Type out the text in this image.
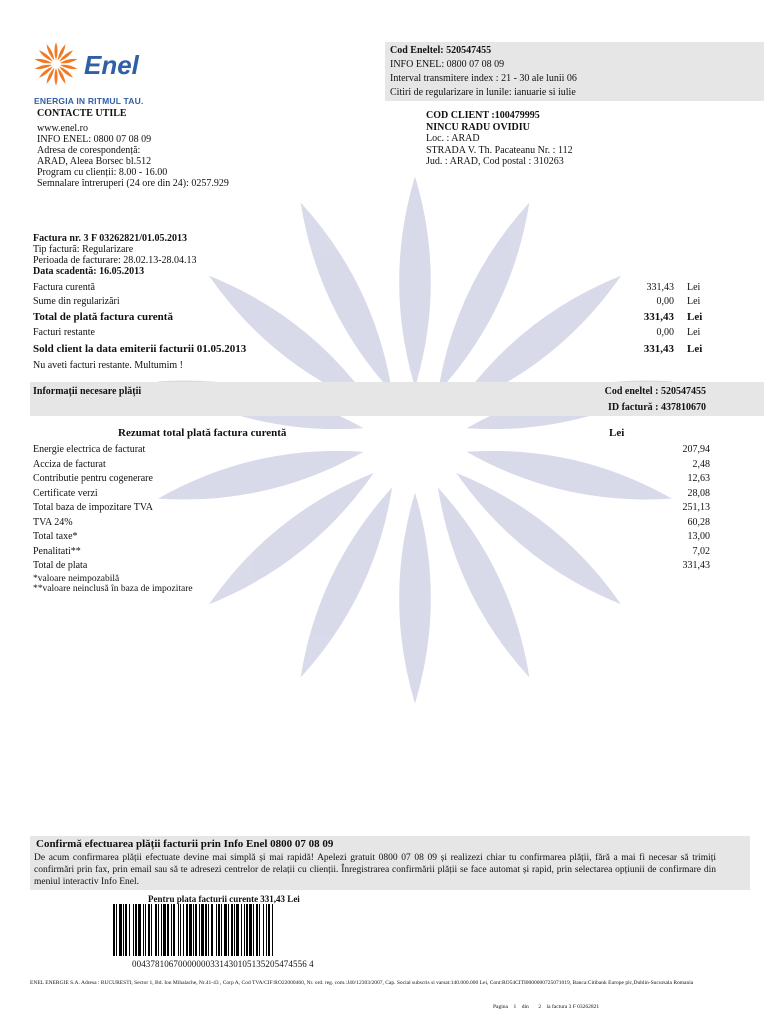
Enel
ENERGIA IN RITMUL TAU.
CONTACTE UTILE
www.enel.ro
INFO ENEL: 0800 07 08 09
Adresa de corespondență:
ARAD, Aleea Borsec bl.512
Program cu clienții: 8.00 - 16.00
Semnalare întreruperi (24 ore din 24): 0257.929
Cod Eneltel: 520547455
INFO ENEL: 0800 07 08 09
Interval transmitere index : 21 - 30 ale lunii 06
Citiri de regularizare in lunile: ianuarie si iulie
COD CLIENT :100479995
NINCU RADU OVIDIU
Loc. : ARAD
STRADA V. Th. Pacateanu Nr. : 112
Jud. : ARAD, Cod postal : 310263
Factura nr. 3 F 03262821/01.05.2013
Tip factură: Regularizare
Perioada de facturare: 28.02.13-28.04.13
Data scadentă: 16.05.2013
Factura curentă	331,43 Lei
Sume din regularizări	0,00 Lei
Total de plată factura curentă	331,43 Lei
Facturi restante	0,00 Lei
Sold client la data emiterii facturii 01.05.2013	331,43 Lei
Nu aveti facturi restante. Multumim !
Informații necesare plății	Cod eneltel : 520547455
ID factură : 437810670
Rezumat total plată factura curentă	Lei
Energie electrica de facturat	207,94
Acciza de facturat	2,48
Contributie pentru cogenerare	12,63
Certificate verzi	28,08
Total baza de impozitare TVA	251,13
TVA 24%	60,28
Total taxe*	13,00
Penalitati**	7,02
Total de plata	331,43
*valoare neimpozabilă
**valoare neinclusă în baza de impozitare
Confirmă efectuarea plății facturii prin Info Enel 0800 07 08 09
De acum confirmarea plății efectuate devine mai simplă și mai rapidă! Apelezi gratuit 0800 07 08 09 și realizezi chiar tu confirmarea plății, fără a mai fi necesar să trimiți confirmări prin fax, prin email sau să te adresezi centrelor de relații cu clienții. Înregistrarea confirmării plății se face automat și rapid, prin selectarea opțiunii de confirmare din meniul interactiv Info Enel.
Pentru plata facturii curente 331,43 Lei
00437810670000000331430105135205474556 4
ENEL ENERGIE S.A. Adresa : BUCURESTI, Sector 1, Bd. Ion Mihalache, Nr.41-43 , Corp A, Cod TVA/CIF:RO22000460, Nr. ord. reg. com.:J40/12303/2007, Cap. Social subscris si varsat:140.000.000 Lei, Cont:RO54CITI0000000725071019, Banca:Citibank Europe plc,Dublin-Sucursala Romania
Pagina    1    din       2    la factura 3 F 03262821
